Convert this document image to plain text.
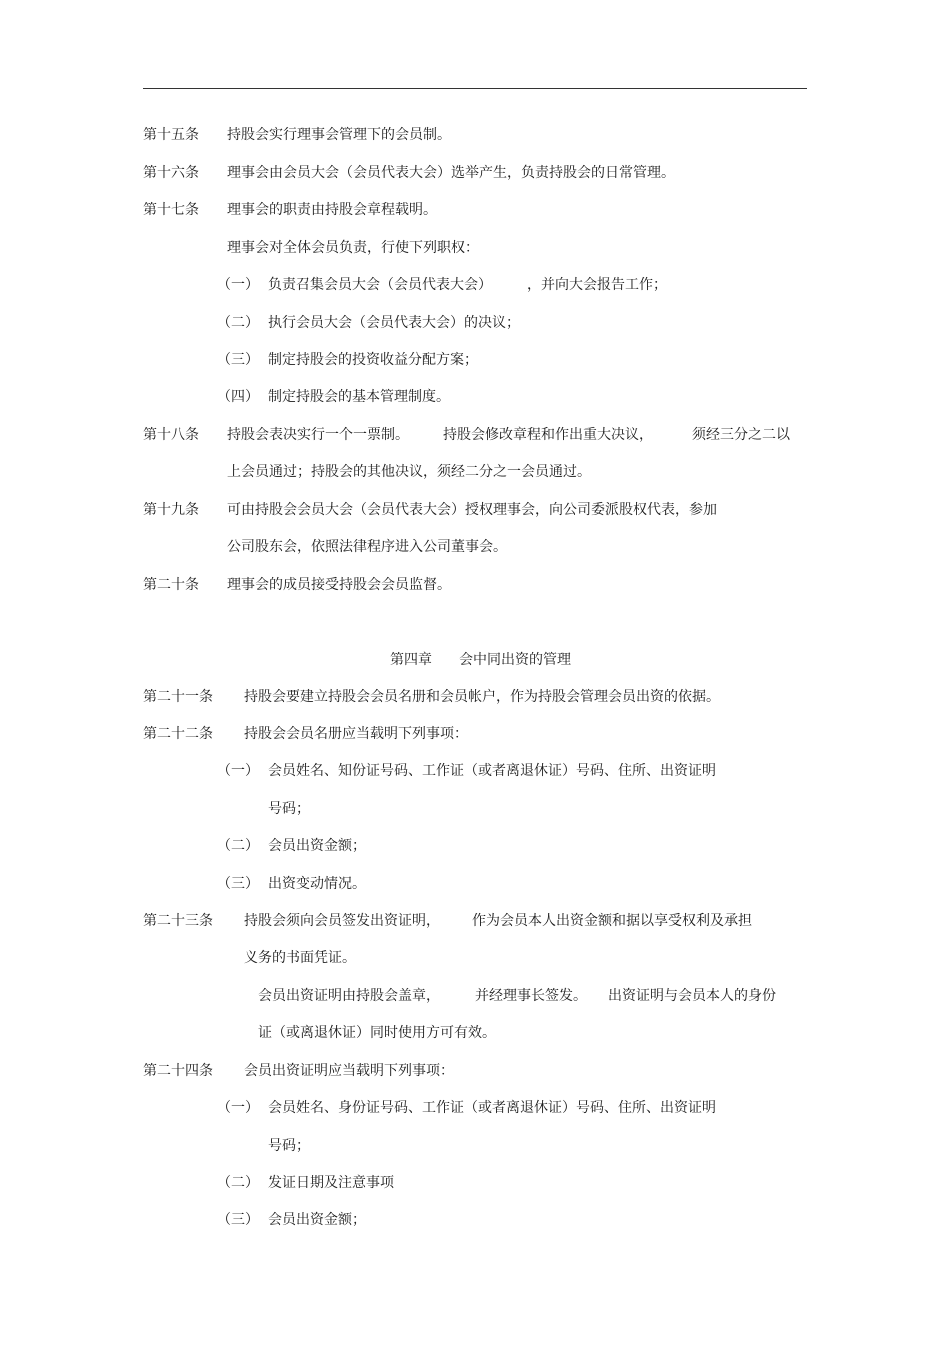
第十五条 持股会实行理事会管理下的会员制。
第十六条 理事会由会员大会（会员代表大会）选举产生，负责持股会的日常管理。
第十七条 理事会的职责由持股会章程载明。
理事会对全体会员负责，行使下列职权：
（一） 负责召集会员大会（会员代表大会）	，并向大会报告工作；
（二） 执行会员大会（会员代表大会）的决议；
（三） 制定持股会的投资收益分配方案；
（四） 制定持股会的基本管理制度。
第十八条 持股会表决实行一个一票制。 持股会修改章程和作出重大决议，	须经三分之二以
上会员通过；持股会的其他决议，须经二分之一会员通过。
第十九条 可由持股会会员大会（会员代表大会）授权理事会，向公司委派股权代表，参加
公司股东会，依照法律程序进入公司董事会。
第二十条 理事会的成员接受持股会会员监督。
第四章 会中同出资的管理
第二十一条 持股会要建立持股会会员名册和会员帐户，作为持股会管理会员出资的依据。
第二十二条 持股会会员名册应当载明下列事项：
（一） 会员姓名、知份证号码、工作证（或者离退休证）号码、住所、出资证明
号码；
（二） 会员出资金额；
（三） 出资变动情况。
第二十三条 持股会须向会员签发出资证明， 作为会员本人出资金额和据以享受权利及承担
义务的书面凭证。
会员出资证明由持股会盖章，	并经理事长签发。 出资证明与会员本人的身份
证（或离退休证）同时使用方可有效。
第二十四条 会员出资证明应当载明下列事项：
（一） 会员姓名、身份证号码、工作证（或者离退休证）号码、住所、出资证明
号码；
（二） 发证日期及注意事项
（三） 会员出资金额；
